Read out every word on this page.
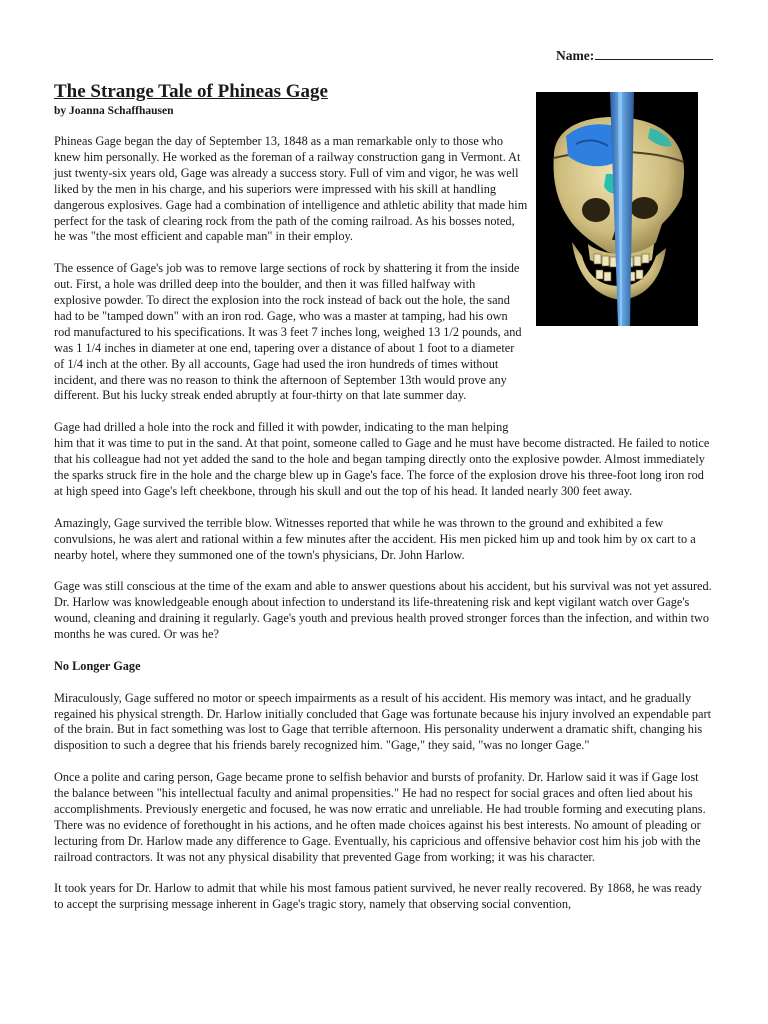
Name:
The Strange Tale of Phineas Gage
by Joanna Schaffhausen

Phineas Gage began the day of September 13, 1848 as a man remarkable only to those who knew him personally. He worked as the foreman of a railway construction gang in Vermont. At just twenty-six years old, Gage was already a success story. Full of vim and vigor, he was well liked by the men in his charge, and his superiors were impressed with his skill at handling dangerous explosives. Gage had a combination of intelligence and athletic ability that made him perfect for the task of clearing rock from the path of the coming railroad. As his bosses noted, he was "the most efficient and capable man" in their employ.

The essence of Gage's job was to remove large sections of rock by shattering it from the inside out. First, a hole was drilled deep into the boulder, and then it was filled halfway with explosive powder. To direct the explosion into the rock instead of back out the hole, the sand had to be "tamped down" with an iron rod. Gage, who was a master at tamping, had his own rod manufactured to his specifications. It was 3 feet 7 inches long, weighed 13 1/2 pounds, and was 1 1/4 inches in diameter at one end, tapering over a distance of about 1 foot to a diameter of 1/4 inch at the other. By all accounts, Gage had used the iron hundreds of times without incident, and there was no reason to think the afternoon of September 13th would prove any different. But his lucky streak ended abruptly at four-thirty on that late summer day.

Gage had drilled a hole into the rock and filled it with powder, indicating to the man helping him that it was time to put in the sand. At that point, someone called to Gage and he must have become distracted. He failed to notice that his colleague had not yet added the sand to the hole and began tamping directly onto the explosive powder. Almost immediately the sparks struck fire in the hole and the charge blew up in Gage's face. The force of the explosion drove his three-foot long iron rod at high speed into Gage's left cheekbone, through his skull and out the top of his head. It landed nearly 300 feet away.

Amazingly, Gage survived the terrible blow. Witnesses reported that while he was thrown to the ground and exhibited a few convulsions, he was alert and rational within a few minutes after the accident. His men picked him up and took him by ox cart to a nearby hotel, where they summoned one of the town's physicians, Dr. John Harlow.

Gage was still conscious at the time of the exam and able to answer questions about his accident, but his survival was not yet assured. Dr. Harlow was knowledgeable enough about infection to understand its life-threatening risk and kept vigilant watch over Gage's wound, cleaning and draining it regularly. Gage's youth and previous health proved stronger forces than the infection, and within two months he was cured. Or was he?

No Longer Gage

Miraculously, Gage suffered no motor or speech impairments as a result of his accident. His memory was intact, and he gradually regained his physical strength. Dr. Harlow initially concluded that Gage was fortunate because his injury involved an expendable part of the brain. But in fact something was lost to Gage that terrible afternoon. His personality underwent a dramatic shift, changing his disposition to such a degree that his friends barely recognized him. "Gage," they said, "was no longer Gage."

Once a polite and caring person, Gage became prone to selfish behavior and bursts of profanity. Dr. Harlow said it was if Gage lost the balance between "his intellectual faculty and animal propensities." He had no respect for social graces and often lied about his accomplishments. Previously energetic and focused, he was now erratic and unreliable. He had trouble forming and executing plans. There was no evidence of forethought in his actions, and he often made choices against his best interests. No amount of pleading or lecturing from Dr. Harlow made any difference to Gage. Eventually, his capricious and offensive behavior cost him his job with the railroad contractors. It was not any physical disability that prevented Gage from working; it was his character.

It took years for Dr. Harlow to admit that while his most famous patient survived, he never really recovered. By 1868, he was ready to accept the surprising message inherent in Gage's tragic story, namely that observing social convention,
